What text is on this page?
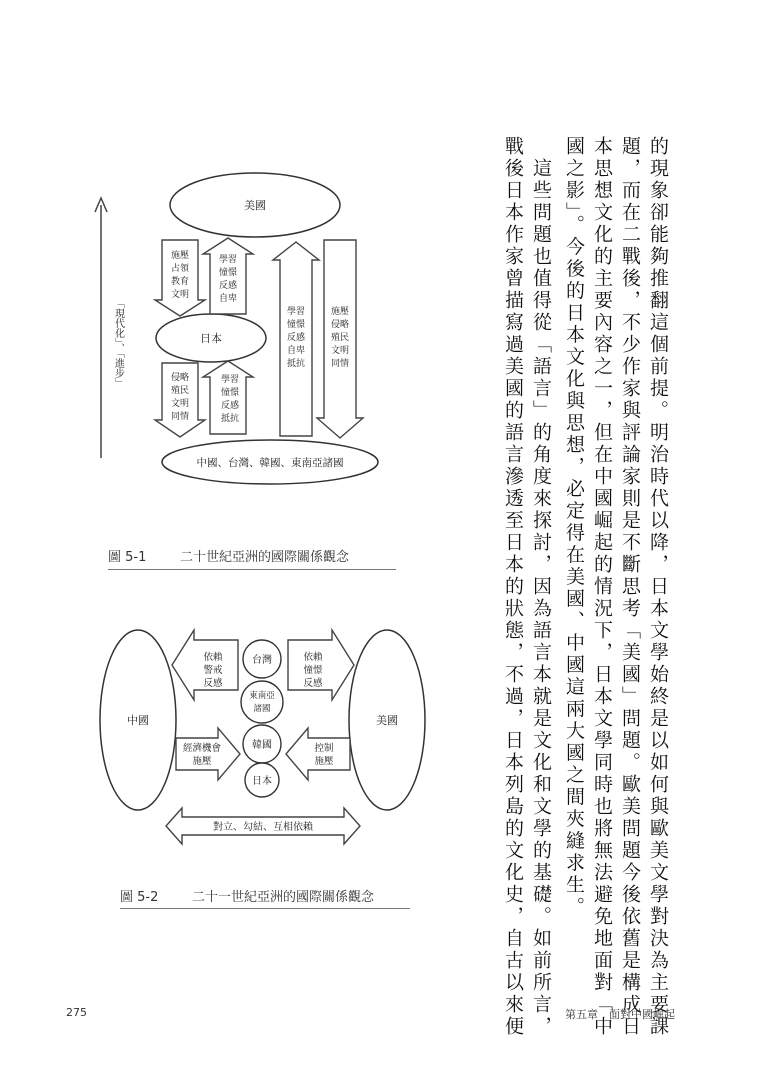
的現象卻能夠推翻這個前提。明治時代以降，日本文學始終是以如何與歐美文學對決為主要課
題，而在二戰後，不少作家與評論家則是不斷思考「美國」問題。歐美問題今後依舊是構成日
本思想文化的主要內容之一，但在中國崛起的情況下，日本文學同時也將無法避免地面對「中
國之影」。今後的日本文化與思想，必定得在美國、中國這兩大國之間夾縫求生。
　這些問題也值得從「語言」的角度來探討，因為語言本就是文化和文學的基礎。如前所言，
戰後日本作家曾描寫過美國的語言滲透至日本的狀態，不過，日本列島的文化史，自古以來便
「現代化」、「進步」
美國
日本
中國、台灣、韓國、東南亞諸國
施壓
占領
教育
文明
學習
憧憬
反感
自卑
侵略
殖民
文明
同情
學習
憧憬
反感
抵抗
學習
憧憬
反感
自卑
抵抗
施壓
侵略
殖民
文明
同情
中國	美國
台灣
東南亞
諸國
韓國
日本
依賴
警戒
反感
依賴
憧憬
反感
經濟機會
施壓
控制
施壓
對立、勾結、互相依賴
圖 5-1	二十世紀亞洲的國際關係觀念
圖 5-2	二十一世紀亞洲的國際關係觀念
275	第五章　面對中國崛起
